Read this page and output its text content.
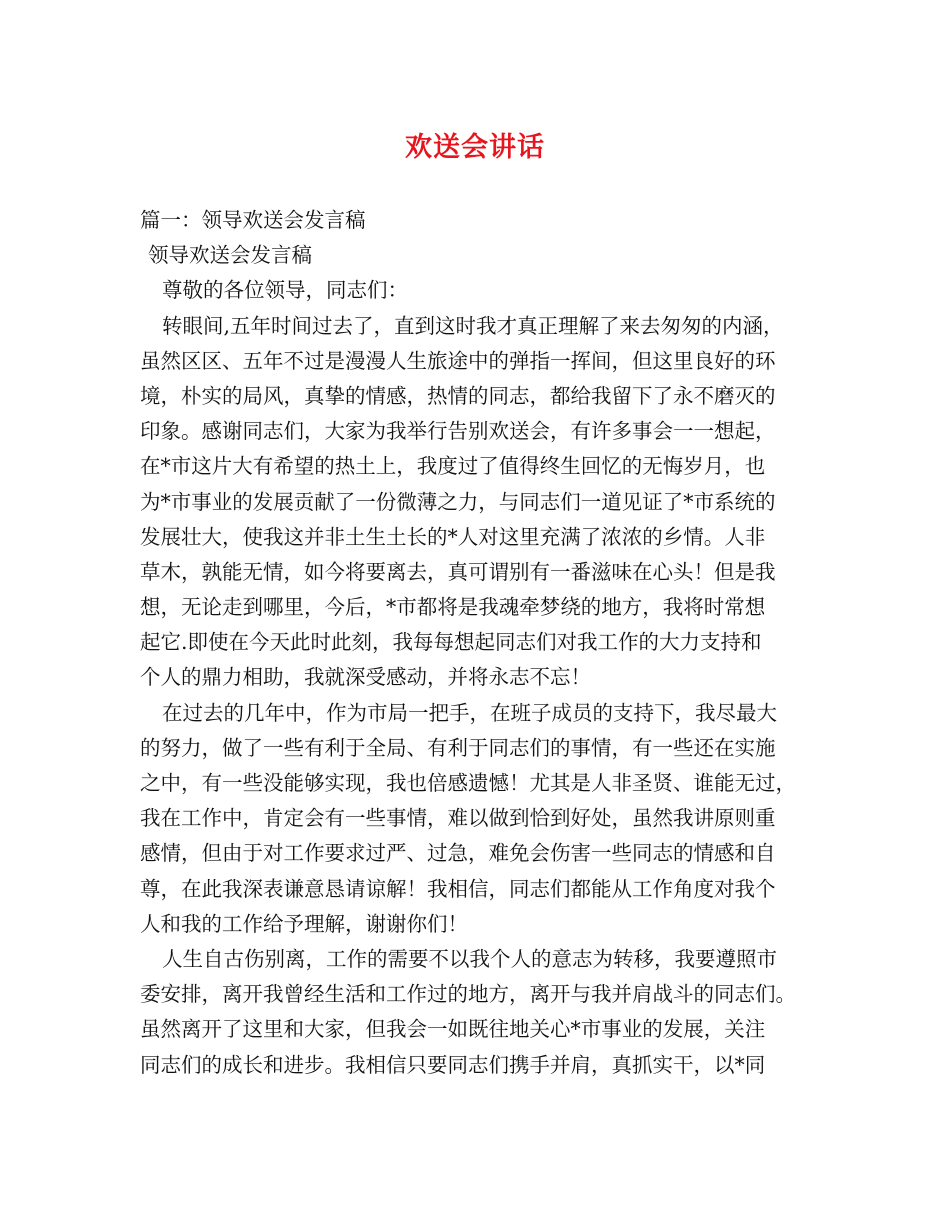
欢送会讲话
篇一：领导欢送会发言稿
领导欢送会发言稿
尊敬的各位领导，同志们：
转眼间,五年时间过去了，直到这时我才真正理解了来去匆匆的内涵，
虽然区区、五年不过是漫漫人生旅途中的弹指一挥间，但这里良好的环
境，朴实的局风，真挚的情感，热情的同志，都给我留下了永不磨灭的
印象。感谢同志们，大家为我举行告别欢送会，有许多事会一一想起，
在*市这片大有希望的热土上，我度过了值得终生回忆的无悔岁月，也
为*市事业的发展贡献了一份微薄之力，与同志们一道见证了*市系统的
发展壮大，使我这并非土生土长的*人对这里充满了浓浓的乡情。人非
草木，孰能无情，如今将要离去，真可谓别有一番滋味在心头！但是我
想，无论走到哪里，今后，*市都将是我魂牵梦绕的地方，我将时常想
起它.即使在今天此时此刻，我每每想起同志们对我工作的大力支持和
个人的鼎力相助，我就深受感动，并将永志不忘！
在过去的几年中，作为市局一把手，在班子成员的支持下，我尽最大
的努力，做了一些有利于全局、有利于同志们的事情，有一些还在实施
之中，有一些没能够实现，我也倍感遗憾！尤其是人非圣贤、谁能无过，
我在工作中，肯定会有一些事情，难以做到恰到好处，虽然我讲原则重
感情，但由于对工作要求过严、过急，难免会伤害一些同志的情感和自
尊，在此我深表谦意恳请谅解！我相信，同志们都能从工作角度对我个
人和我的工作给予理解，谢谢你们！
人生自古伤别离，工作的需要不以我个人的意志为转移，我要遵照市
委安排，离开我曾经生活和工作过的地方，离开与我并肩战斗的同志们。
虽然离开了这里和大家，但我会一如既往地关心*市事业的发展，关注
同志们的成长和进步。我相信只要同志们携手并肩，真抓实干，以*同
